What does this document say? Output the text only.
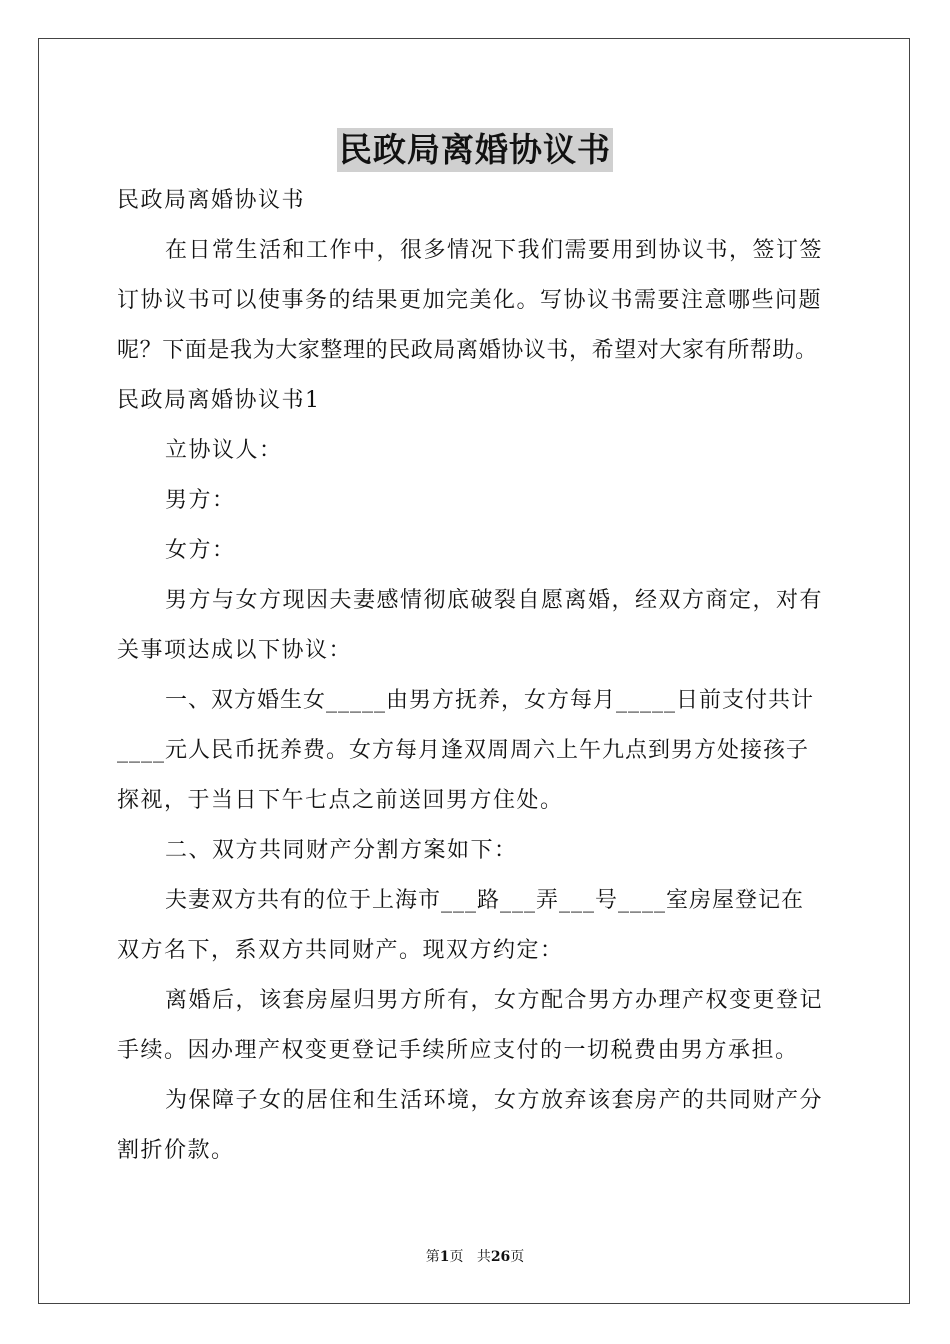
民政局离婚协议书
民政局离婚协议书
在日常生活和工作中，很多情况下我们需要用到协议书，签订签
订协议书可以使事务的结果更加完美化。写协议书需要注意哪些问题
呢？下面是我为大家整理的民政局离婚协议书，希望对大家有所帮助。
民政局离婚协议书1
立协议人：
男方：
女方：
男方与女方现因夫妻感情彻底破裂自愿离婚，经双方商定，对有
关事项达成以下协议：
一、双方婚生女_____由男方抚养，女方每月_____日前支付共计
____元人民币抚养费。女方每月逢双周周六上午九点到男方处接孩子
探视，于当日下午七点之前送回男方住处。
二、双方共同财产分割方案如下：
夫妻双方共有的位于上海市___路___弄___号____室房屋登记在
双方名下，系双方共同财产。现双方约定：
离婚后，该套房屋归男方所有，女方配合男方办理产权变更登记
手续。因办理产权变更登记手续所应支付的一切税费由男方承担。
为保障子女的居住和生活环境，女方放弃该套房产的共同财产分
割折价款。
第1页 共26页
